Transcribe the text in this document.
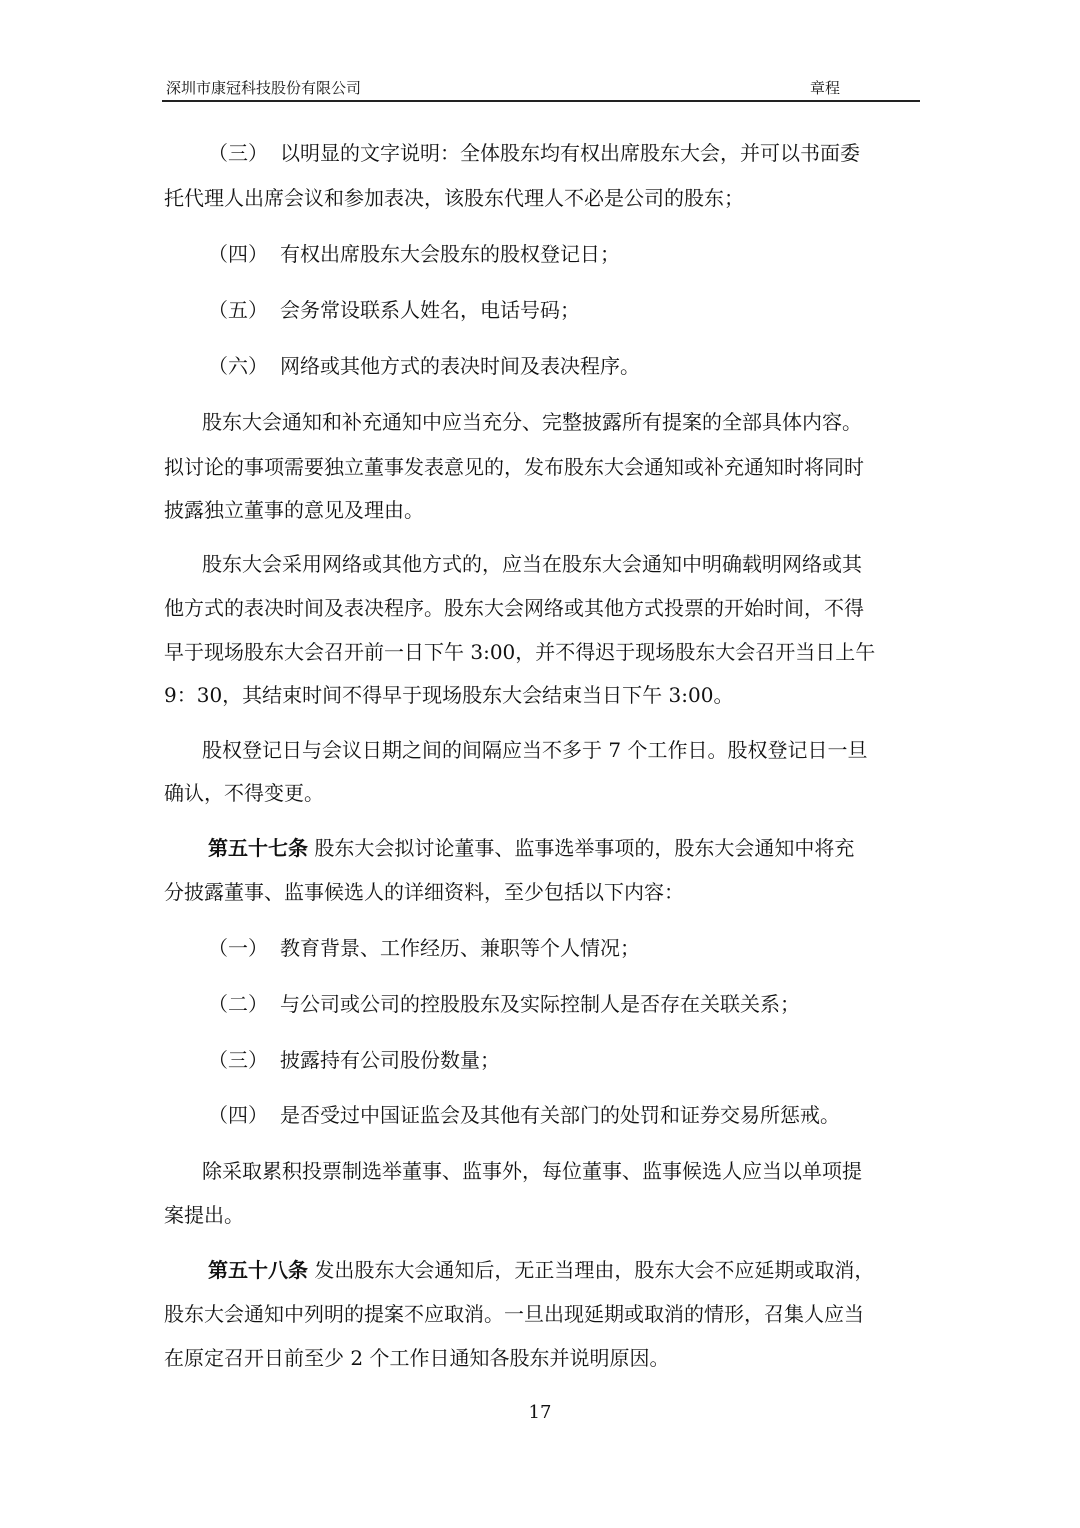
深圳市康冠科技股份有限公司	章程
（三） 以明显的文字说明：全体股东均有权出席股东大会，并可以书面委
托代理人出席会议和参加表决，该股东代理人不必是公司的股东；
（四） 有权出席股东大会股东的股权登记日；
（五） 会务常设联系人姓名，电话号码；
（六） 网络或其他方式的表决时间及表决程序。
股东大会通知和补充通知中应当充分、完整披露所有提案的全部具体内容。
拟讨论的事项需要独立董事发表意见的，发布股东大会通知或补充通知时将同时
披露独立董事的意见及理由。
股东大会采用网络或其他方式的，应当在股东大会通知中明确载明网络或其
他方式的表决时间及表决程序。股东大会网络或其他方式投票的开始时间，不得
早于现场股东大会召开前一日下午 3:00，并不得迟于现场股东大会召开当日上午
9：30，其结束时间不得早于现场股东大会结束当日下午 3:00。
股权登记日与会议日期之间的间隔应当不多于 7 个工作日。股权登记日一旦
确认，不得变更。
第五十七条 股东大会拟讨论董事、监事选举事项的，股东大会通知中将充
分披露董事、监事候选人的详细资料，至少包括以下内容：
（一） 教育背景、工作经历、兼职等个人情况；
（二） 与公司或公司的控股股东及实际控制人是否存在关联关系；
（三） 披露持有公司股份数量；
（四） 是否受过中国证监会及其他有关部门的处罚和证券交易所惩戒。
除采取累积投票制选举董事、监事外，每位董事、监事候选人应当以单项提
案提出。
第五十八条 发出股东大会通知后，无正当理由，股东大会不应延期或取消，
股东大会通知中列明的提案不应取消。一旦出现延期或取消的情形，召集人应当
在原定召开日前至少 2 个工作日通知各股东并说明原因。
17
